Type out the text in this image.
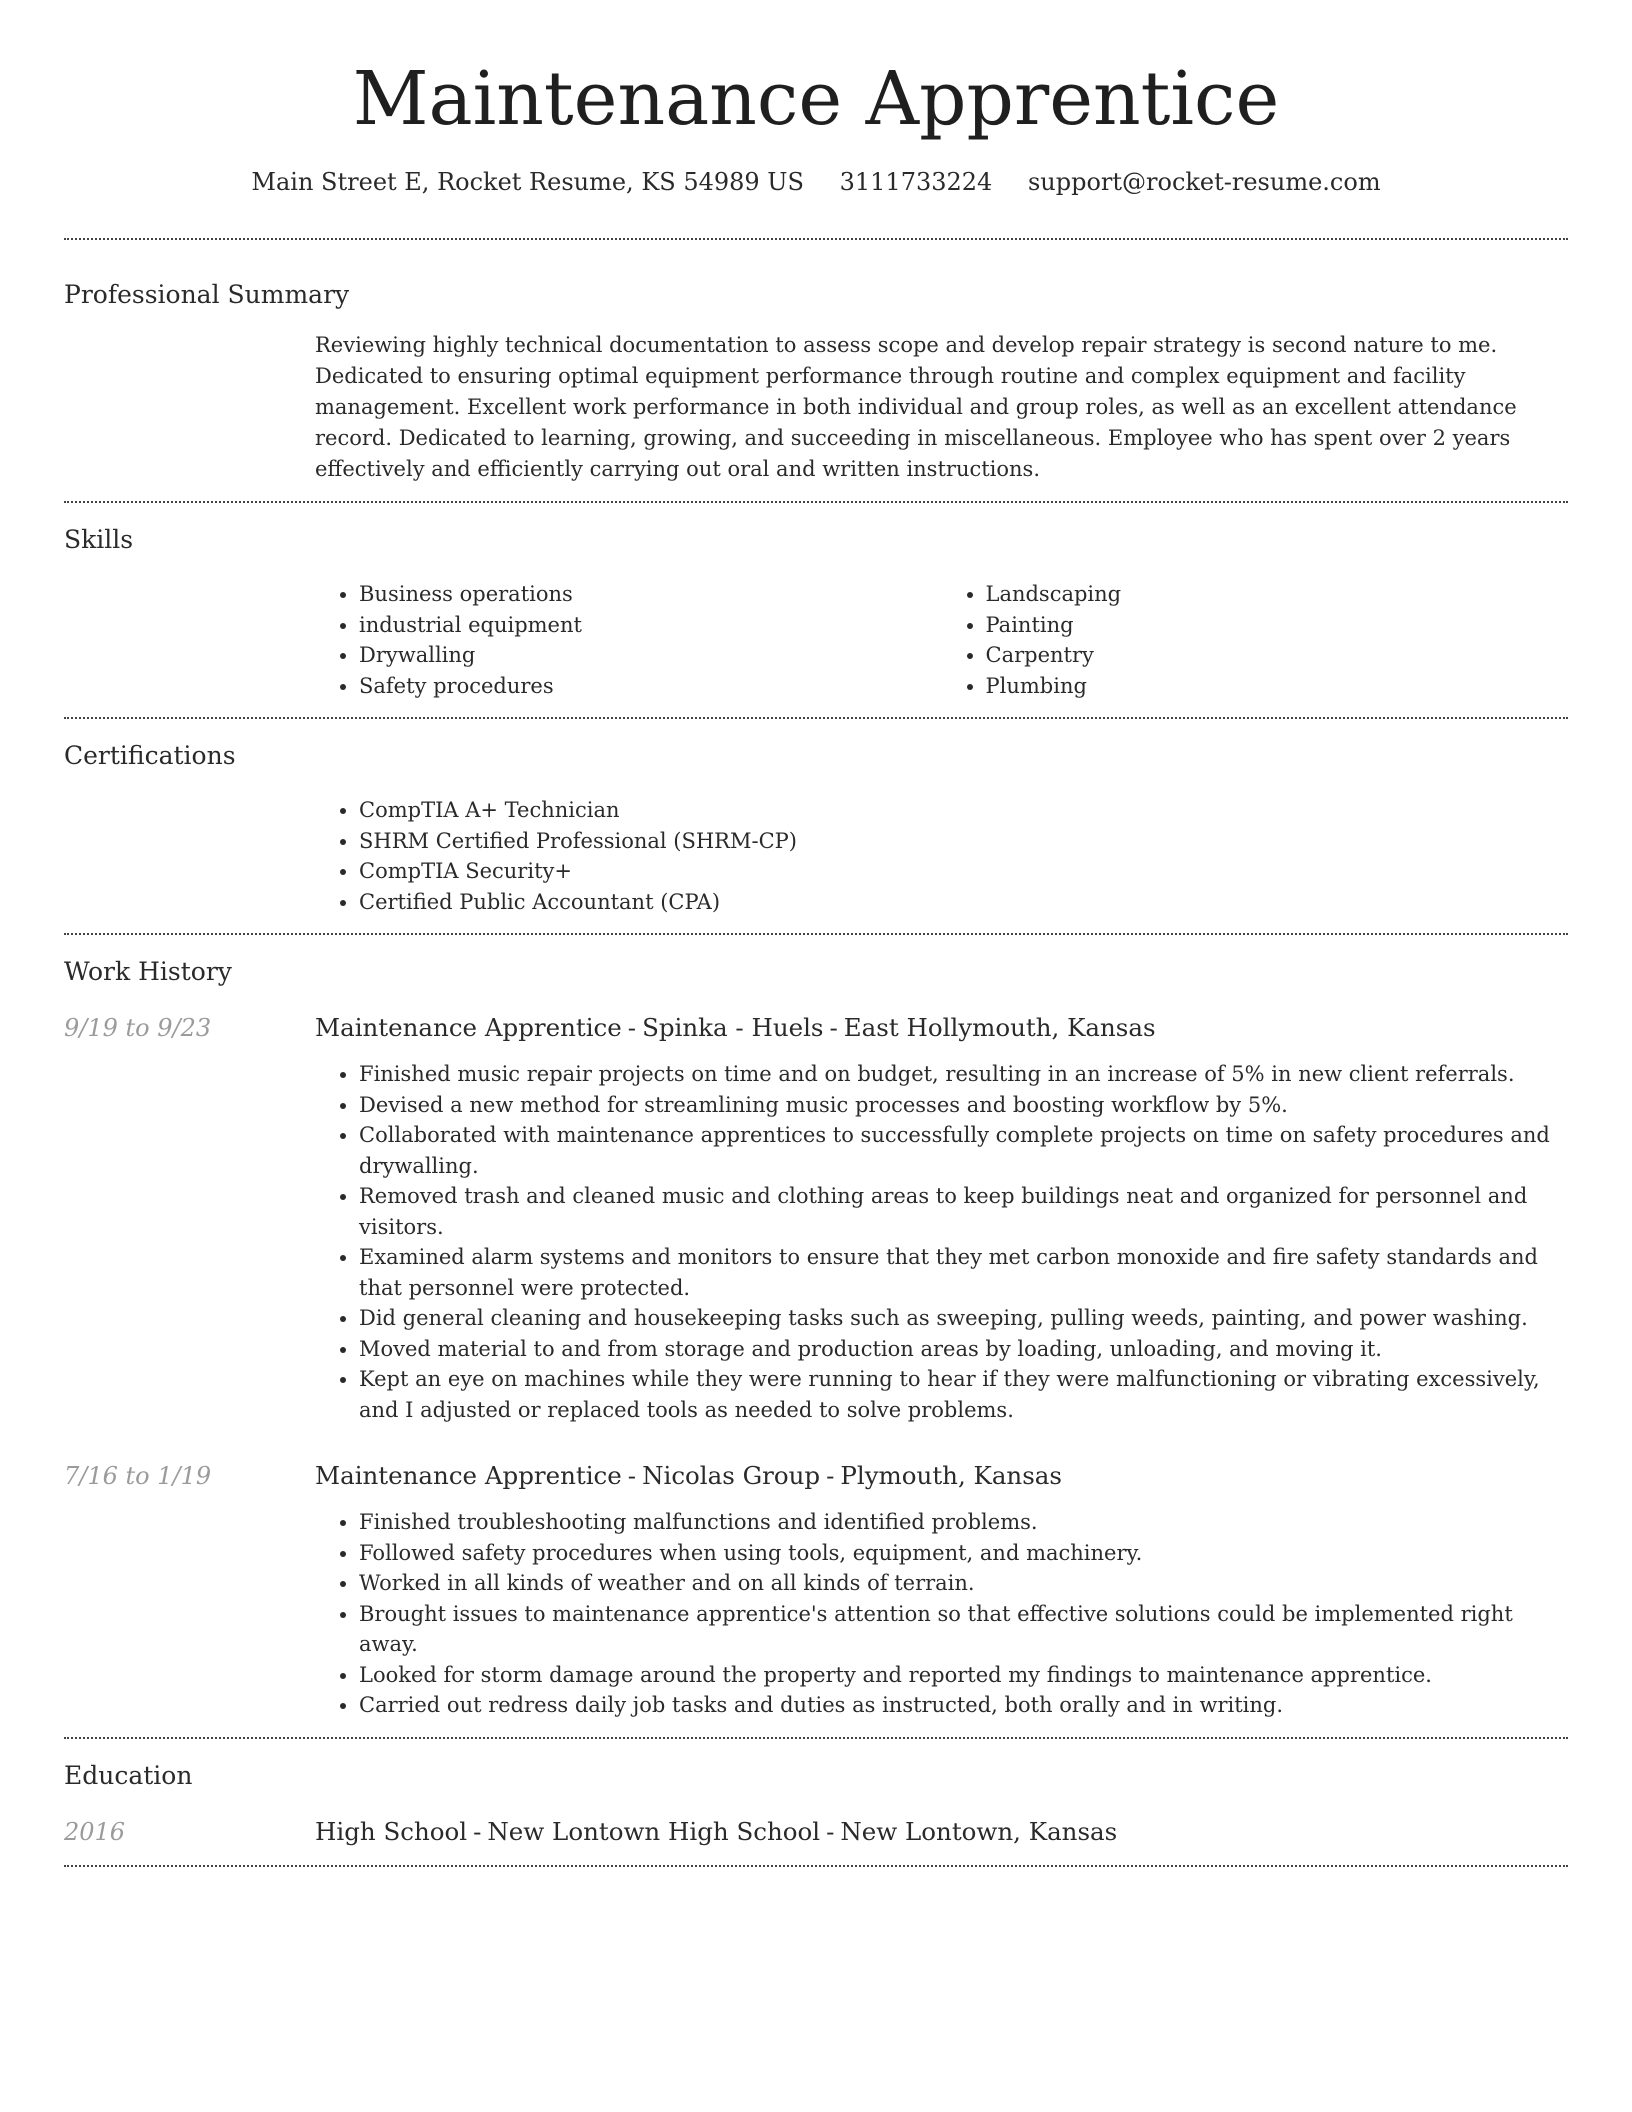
Maintenance Apprentice
Main Street E, Rocket Resume, KS 54989 US 3111733224 support@rocket-resume.com
Professional Summary

Reviewing highly technical documentation to assess scope and develop repair strategy is second nature to me. Dedicated to ensuring optimal equipment performance through routine and complex equipment and facility management. Excellent work performance in both individual and group roles, as well as an excellent attendance record. Dedicated to learning, growing, and succeeding in miscellaneous. Employee who has spent over 2 years effectively and efficiently carrying out oral and written instructions.

Skills
• Business operations
• industrial equipment
• Drywalling
• Safety procedures
• Landscaping
• Painting
• Carpentry
• Plumbing
Certifications
• CompTIA A+ Technician
• SHRM Certified Professional (SHRM-CP)
• CompTIA Security+
• Certified Public Accountant (CPA)
Work History
9/19 to 9/23	Maintenance Apprentice - Spinka - Huels - East Hollymouth, Kansas
• Finished music repair projects on time and on budget, resulting in an increase of 5% in new client referrals.
• Devised a new method for streamlining music processes and boosting workflow by 5%.
• Collaborated with maintenance apprentices to successfully complete projects on time on safety procedures and drywalling.
• Removed trash and cleaned music and clothing areas to keep buildings neat and organized for personnel and visitors.
• Examined alarm systems and monitors to ensure that they met carbon monoxide and fire safety standards and that personnel were protected.
• Did general cleaning and housekeeping tasks such as sweeping, pulling weeds, painting, and power washing.
• Moved material to and from storage and production areas by loading, unloading, and moving it.
• Kept an eye on machines while they were running to hear if they were malfunctioning or vibrating excessively, and I adjusted or replaced tools as needed to solve problems.
7/16 to 1/19	Maintenance Apprentice - Nicolas Group - Plymouth, Kansas
• Finished troubleshooting malfunctions and identified problems.
• Followed safety procedures when using tools, equipment, and machinery.
• Worked in all kinds of weather and on all kinds of terrain.
• Brought issues to maintenance apprentice's attention so that effective solutions could be implemented right away.
• Looked for storm damage around the property and reported my findings to maintenance apprentice.
• Carried out redress daily job tasks and duties as instructed, both orally and in writing.
Education
2016	High School - New Lontown High School - New Lontown, Kansas
